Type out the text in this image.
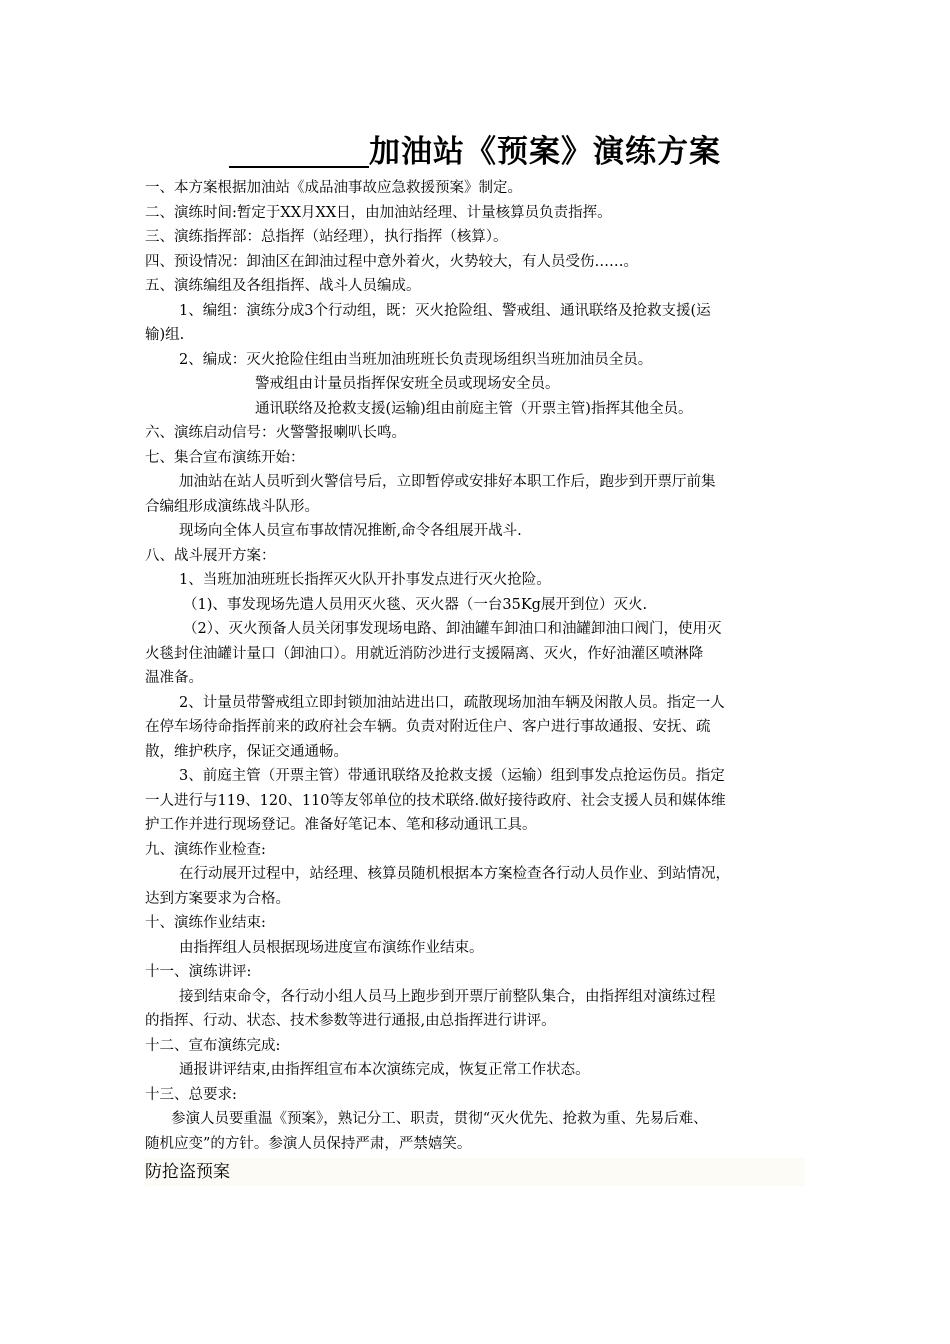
加油站《预案》演练方案
一、本方案根据加油站《成品油事故应急救援预案》制定。
二、演练时间:暂定于XX月XX日，由加油站经理、计量核算员负责指挥。
三、演练指挥部：总指挥（站经理），执行指挥（核算）。
四、预设情况：卸油区在卸油过程中意外着火，火势较大，有人员受伤……。
五、演练编组及各组指挥、战斗人员编成。
1、编组：演练分成3个行动组，既：灭火抢险组、警戒组、通讯联络及抢救支援(运
输)组.
2、编成：灭火抢险住组由当班加油班班长负责现场组织当班加油员全员。
警戒组由计量员指挥保安班全员或现场安全员。
通讯联络及抢救支援(运输)组由前庭主管（开票主管)指挥其他全员。
六、演练启动信号：火警警报喇叭长鸣。
七、集合宣布演练开始：
加油站在站人员听到火警信号后，立即暂停或安排好本职工作后，跑步到开票厅前集
合编组形成演练战斗队形。
现场向全体人员宣布事故情况推断,命令各组展开战斗.
八、战斗展开方案：
1、当班加油班班长指挥灭火队开扑事发点进行灭火抢险。
（1)、事发现场先遣人员用灭火毯、灭火器（一台35Kg展开到位）灭火.
（2）、灭火预备人员关闭事发现场电路、卸油罐车卸油口和油罐卸油口阀门，使用灭
火毯封住油罐计量口（卸油口）。用就近消防沙进行支援隔离、灭火，作好油灌区喷淋降
温准备。
2、计量员带警戒组立即封锁加油站进出口，疏散现场加油车辆及闲散人员。指定一人
在停车场待命指挥前来的政府社会车辆。负责对附近住户、客户进行事故通报、安抚、疏
散，维护秩序，保证交通通畅。
3、前庭主管（开票主管）带通讯联络及抢救支援（运输）组到事发点抢运伤员。指定
一人进行与119、120、110等友邻单位的技术联络.做好接待政府、社会支援人员和媒体维
护工作并进行现场登记。准备好笔记本、笔和移动通讯工具。
九、演练作业检查:
在行动展开过程中，站经理、核算员随机根据本方案检查各行动人员作业、到站情况，
达到方案要求为合格。
十、演练作业结束:
由指挥组人员根据现场进度宣布演练作业结束。
十一、演练讲评:
接到结束命令，各行动小组人员马上跑步到开票厅前整队集合，由指挥组对演练过程
的指挥、行动、状态、技术参数等进行通报,由总指挥进行讲评。
十二、宣布演练完成:
通报讲评结束,由指挥组宣布本次演练完成，恢复正常工作状态。
十三、总要求:
参演人员要重温《预案》，熟记分工、职责，贯彻“灭火优先、抢救为重、先易后难、
随机应变”的方针。参演人员保持严肃，严禁嬉笑。
防抢盗预案
